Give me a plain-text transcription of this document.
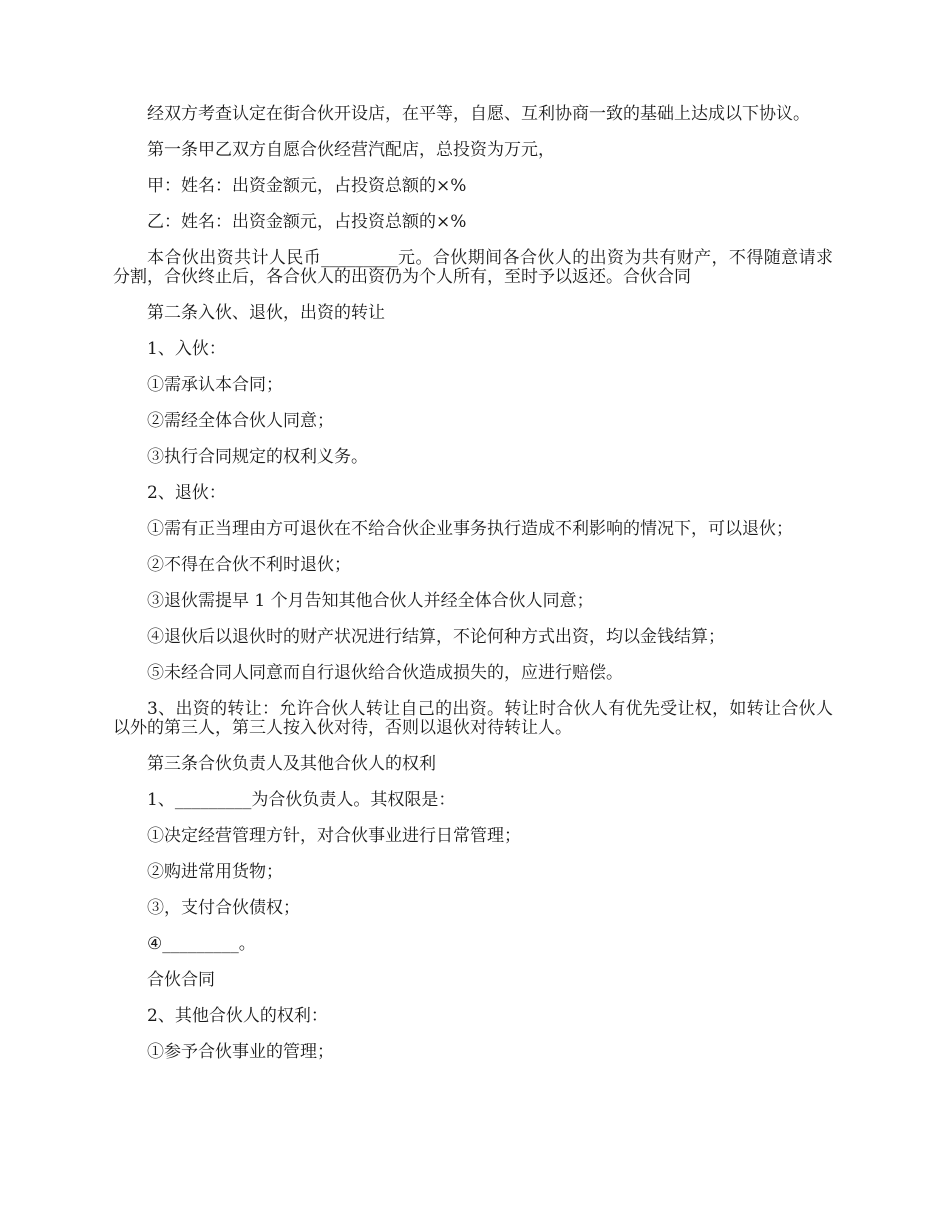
经双方考查认定在街合伙开设店，在平等，自愿、互利协商一致的基础上达成以下协议。

第一条甲乙双方自愿合伙经营汽配店，总投资为万元，

甲：姓名：出资金额元，占投资总额的×%

乙：姓名：出资金额元，占投资总额的×%

本合伙出资共计人民币_________元。合伙期间各合伙人的出资为共有财产，不得随意请求分割，合伙终止后，各合伙人的出资仍为个人所有，至时予以返还。合伙合同

第二条入伙、退伙，出资的转让

1、入伙：

①需承认本合同；

②需经全体合伙人同意；

③执行合同规定的权利义务。

2、退伙：

①需有正当理由方可退伙在不给合伙企业事务执行造成不利影响的情况下，可以退伙；

②不得在合伙不利时退伙；

③退伙需提早 1 个月告知其他合伙人并经全体合伙人同意；

④退伙后以退伙时的财产状况进行结算，不论何种方式出资，均以金钱结算；

⑤未经合同人同意而自行退伙给合伙造成损失的，应进行赔偿。

3、出资的转让：允许合伙人转让自己的出资。转让时合伙人有优先受让权，如转让合伙人以外的第三人，第三人按入伙对待，否则以退伙对待转让人。

第三条合伙负责人及其他合伙人的权利

1、_________为合伙负责人。其权限是：

①决定经营管理方针，对合伙事业进行日常管理；

②购进常用货物；

③，支付合伙债权；

④_________。

合伙合同

2、其他合伙人的权利：

①参予合伙事业的管理；
